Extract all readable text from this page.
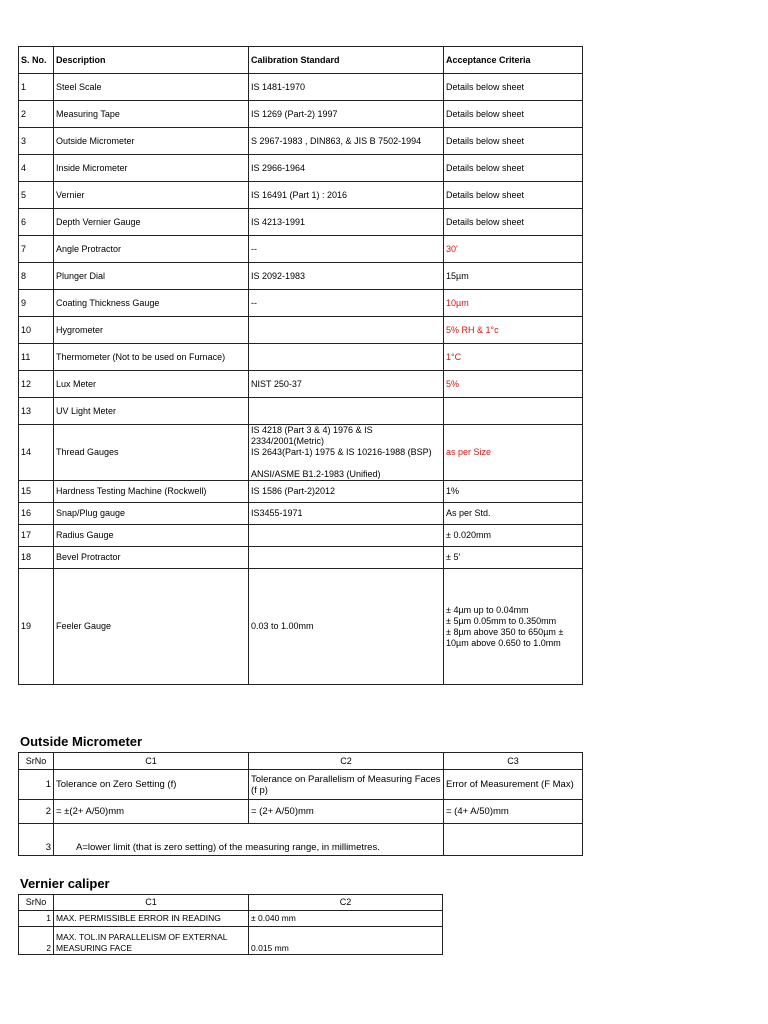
S. No.	Description	Calibration Standard	Acceptance Criteria
1	Steel Scale	IS 1481-1970	Details below sheet
2	Measuring Tape	IS 1269 (Part-2) 1997	Details below sheet
3	Outside Micrometer	S 2967-1983 , DIN863, & JIS B 7502-1994	Details below sheet
4	Inside Micrometer	IS 2966-1964	Details below sheet
5	Vernier	IS 16491 (Part 1) : 2016	Details below sheet
6	Depth Vernier Gauge	IS 4213-1991	Details below sheet
7	Angle Protractor	--	30'
8	Plunger Dial	IS 2092-1983	15µm
9	Coating Thickness Gauge	--	10µm
10	Hygrometer		5% RH & 1°c
11	Thermometer (Not to be used on Furnace)		1°C
12	Lux Meter	NIST 250-37	5%
13	UV Light Meter		
14	Thread Gauges	IS 4218 (Part 3 & 4) 1976 & IS 2334/2001(Metric)
IS 2643(Part-1) 1975 & IS 10216-1988 (BSP)

ANSI/ASME B1.2-1983 (Unified)	as per Size
15	Hardness Testing Machine (Rockwell)	IS 1586 (Part-2)2012	1%
16	Snap/Plug gauge	IS3455-1971	As per Std.
17	Radius Gauge		± 0.020mm
18	Bevel Protractor		± 5'
19	Feeler Gauge	0.03 to 1.00mm	± 4µm up to 0.04mm
± 5µm 0.05mm to 0.350mm
± 8µm above 350 to 650µm ± 10µm above 0.650 to 1.0mm
Outside Micrometer
SrNo	C1	C2	C3
1	Tolerance on Zero Setting (f)	Tolerance on Parallelism of Measuring Faces (f p)	Error of Measurement (F Max)
2	= ±(2+ A/50)mm	= (2+ A/50)mm	= (4+ A/50)mm
3	A=lower limit (that is zero setting) of the measuring range, in millimetres.		
Vernier caliper
SrNo	C1	C2
1	MAX. PERMISSIBLE ERROR IN READING	± 0.040 mm
2	MAX. TOL.IN PARALLELISM OF EXTERNAL MEASURING FACE	0.015 mm
